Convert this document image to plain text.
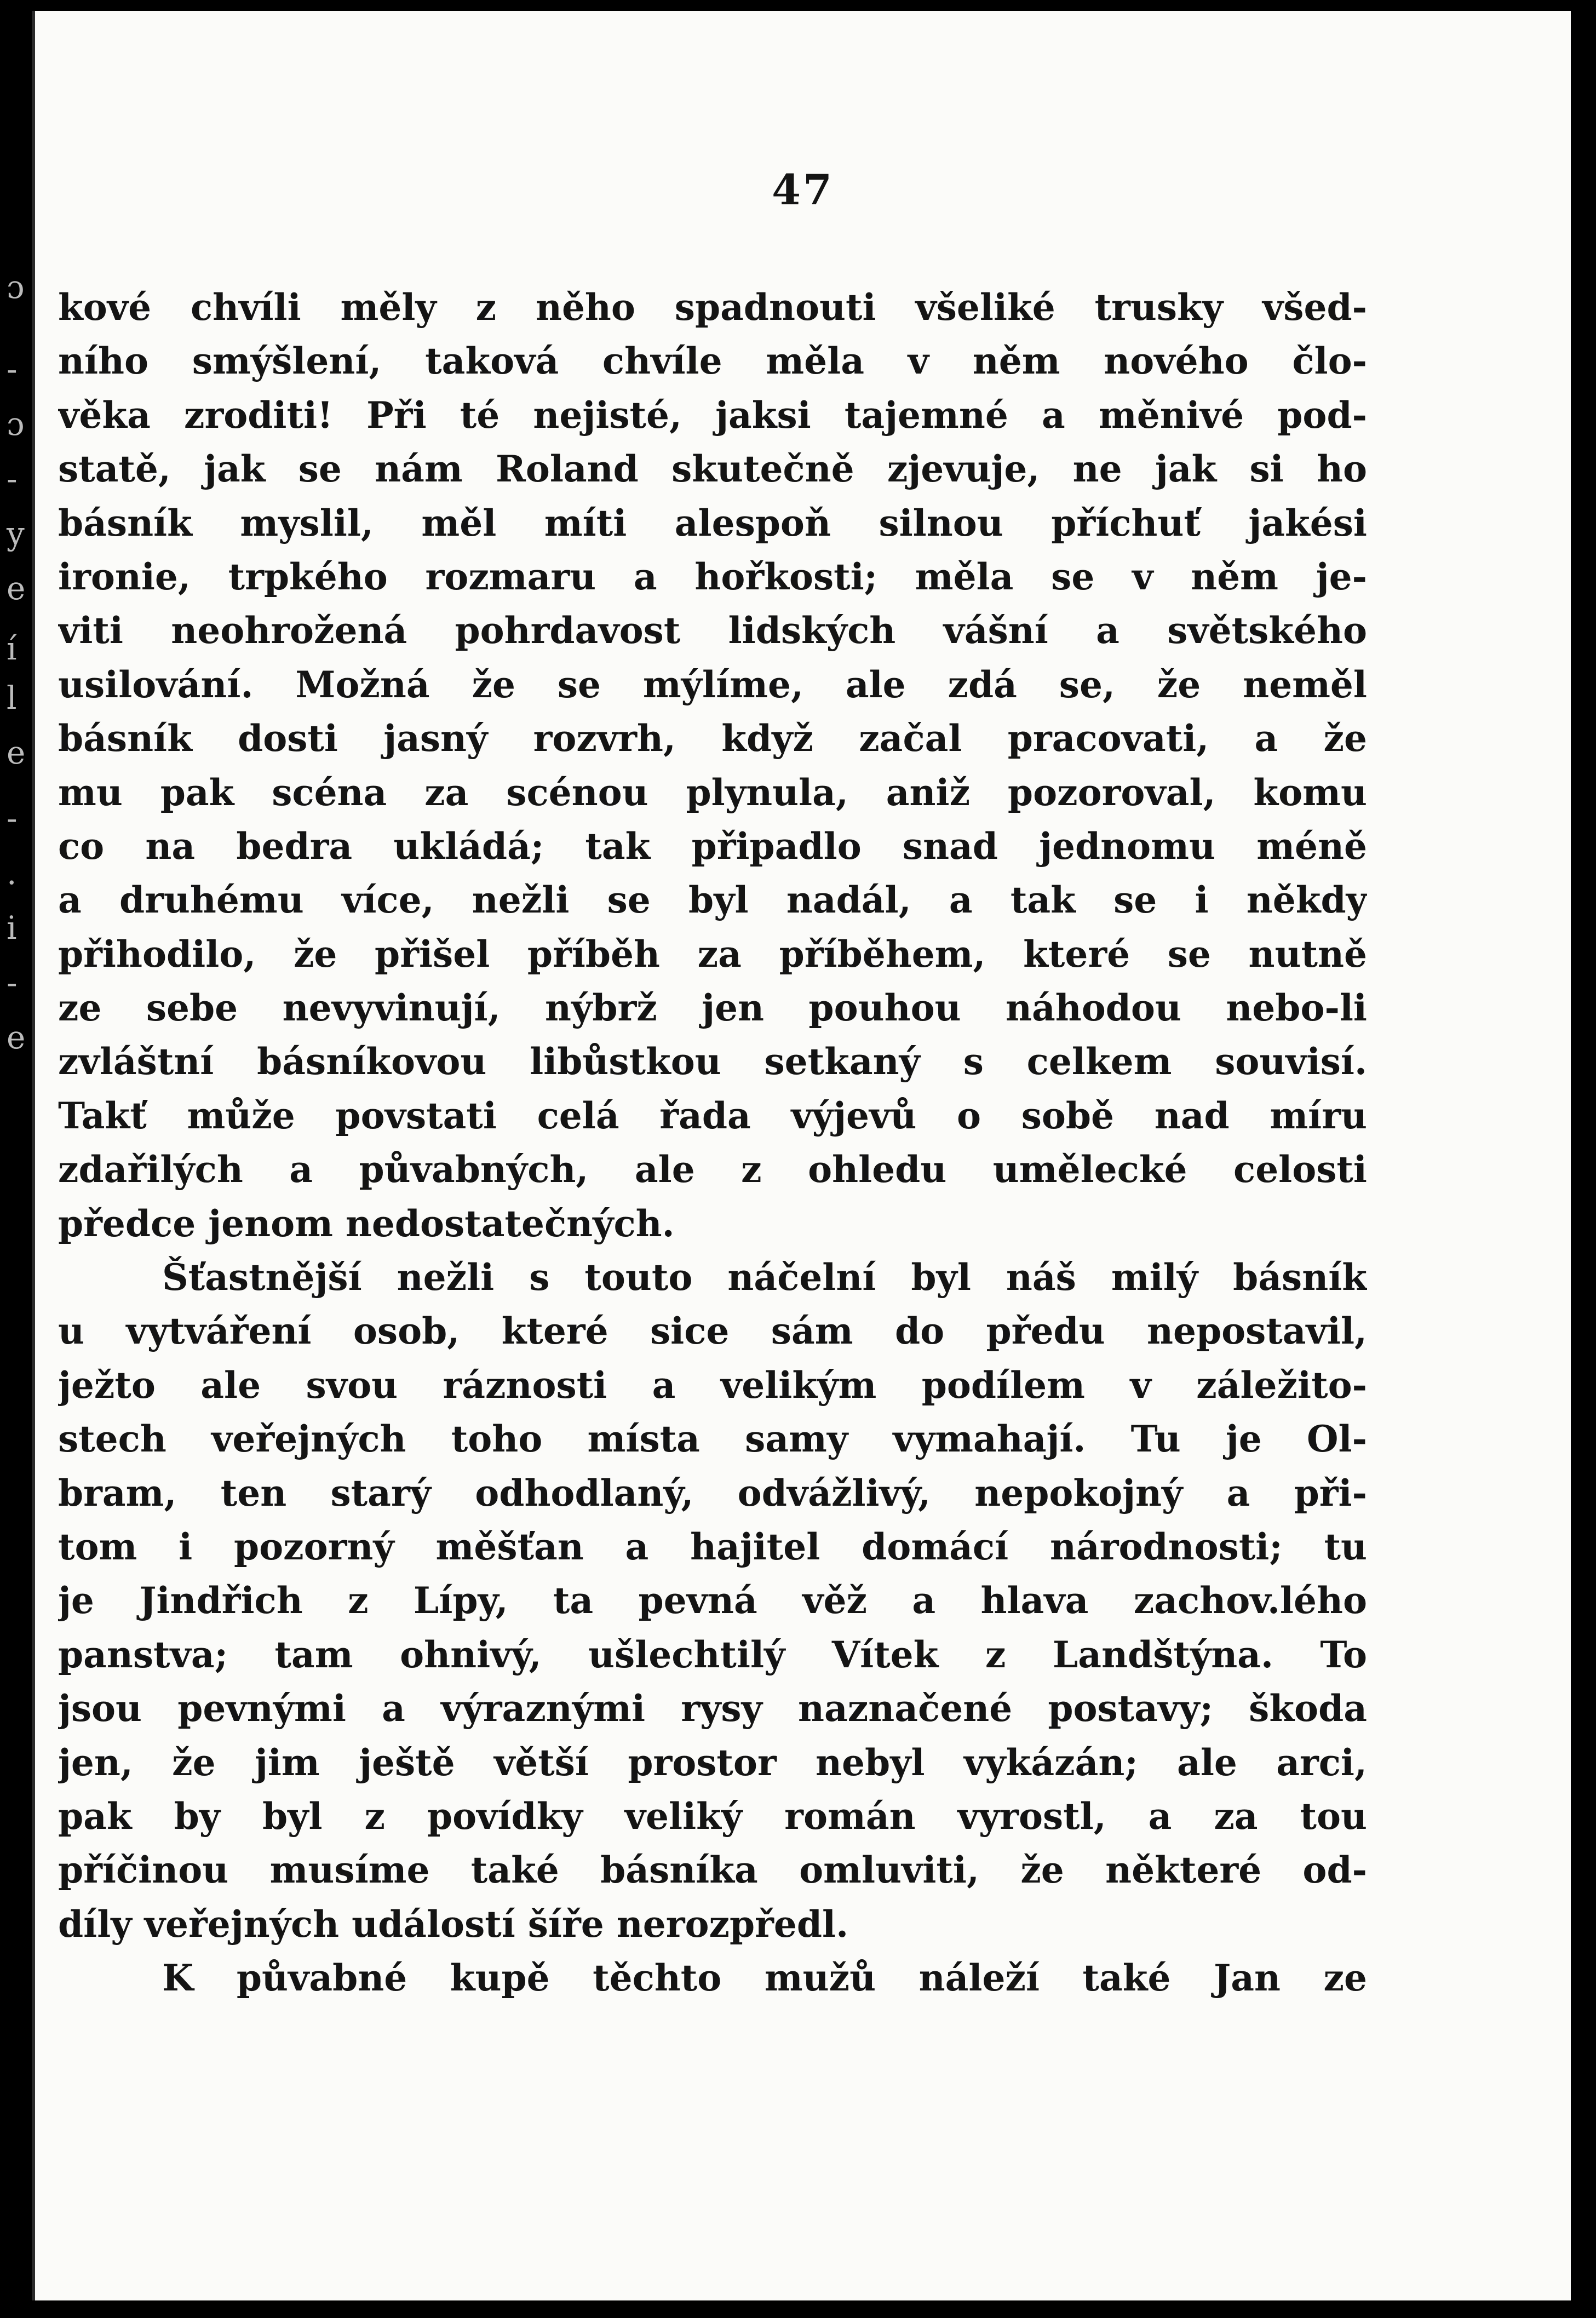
ɔ
-
ɔ
-
y
e
í
l
e
-
.
i
-
e
47
kové chvíli měly z něho spadnouti všeliké trusky všed-
ního smýšlení, taková chvíle měla v něm nového člo-
věka zroditi! Při té nejisté, jaksi tajemné a měnivé pod-
statě, jak se nám Roland skutečně zjevuje, ne jak si ho
básník myslil, měl míti alespoň silnou příchuť jakési
ironie, trpkého rozmaru a hořkosti; měla se v něm je-
viti neohrožená pohrdavost lidských vášní a světského
usilování. Možná že se mýlíme, ale zdá se, že neměl
básník dosti jasný rozvrh, když začal pracovati, a že
mu pak scéna za scénou plynula, aniž pozoroval, komu
co na bedra ukládá; tak připadlo snad jednomu méně
a druhému více, nežli se byl nadál, a tak se i někdy
přihodilo, že přišel příběh za příběhem, které se nutně
ze sebe nevyvinují, nýbrž jen pouhou náhodou nebo-li
zvláštní básníkovou libůstkou setkaný s celkem souvisí.
Takť může povstati celá řada výjevů o sobě nad míru
zdařilých a půvabných, ale z ohledu umělecké celosti
předce jenom nedostatečných.
Šťastnější nežli s touto náčelní byl náš milý básník
u vytváření osob, které sice sám do předu nepostavil,
ježto ale svou ráznosti a velikým podílem v záležito-
stech veřejných toho místa samy vymahají. Tu je Ol-
bram, ten starý odhodlaný, odvážlivý, nepokojný a při-
tom i pozorný měšťan a hajitel domácí národnosti; tu
je Jindřich z Lípy, ta pevná věž a hlava zachov.lého
panstva; tam ohnivý, ušlechtilý Vítek z Landštýna. To
jsou pevnými a výraznými rysy naznačené postavy; škoda
jen, že jim ještě větší prostor nebyl vykázán; ale arci,
pak by byl z povídky veliký román vyrostl, a za tou
příčinou musíme také básníka omluviti, že některé od-
díly veřejných událostí šíře nerozpředl.
K půvabné kupě těchto mužů náleží také Jan ze
